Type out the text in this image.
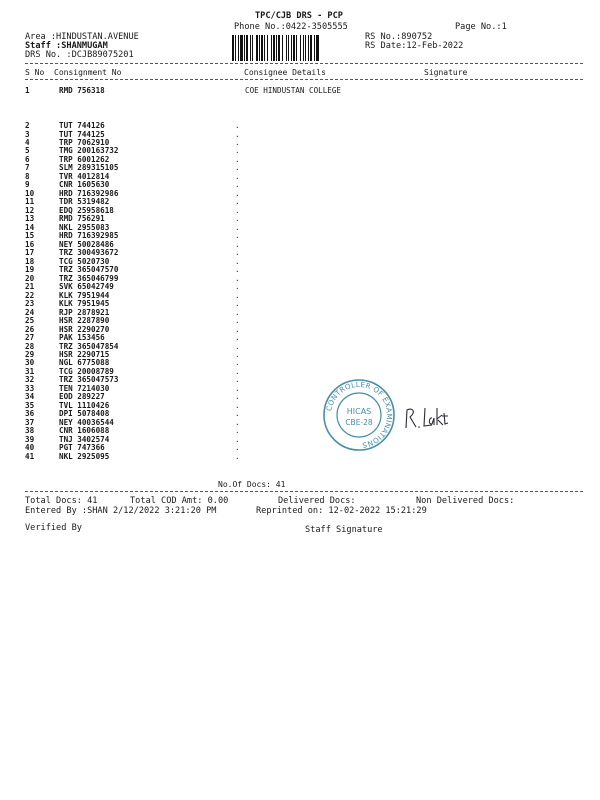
TPC/CJB DRS - PCP
Phone No.:0422-3505555	Page No.:1
Area :HINDUSTAN.AVENUE
Staff :SHANMUGAM
DRS No. :DCJB89075201
RS No.:890752
RS Date:12-Feb-2022
S No Consignment No	Consignee Details	Signature
1	RMD 756318	COE HINDUSTAN COLLEGE
2	TUT 744126	.
3	TUT 744125	.
4	TRP 7062910	.
5	TMG 200163732	.
6	TRP 6001262	.
7	SLM 289315105	.
8	TVR 4012814	.
9	CNR 1605630	.
10	HRD 716392986	.
11	TDR 5319482	.
12	EDQ 25958618	.
13	RMD 756291	.
14	NKL 2955083	.
15	HRD 716392985	.
16	NEY 50028486	.
17	TRZ 300493672	.
18	TCG 5020730	.
19	TRZ 365047570	.
20	TRZ 365046799	.
21	SVK 65042749	.
22	KLK 7951944	.
23	KLK 7951945	.
24	RJP 2878921	.
25	HSR 2287890	.
26	HSR 2290270	.
27	PAK 153456	.
28	TRZ 365047854	.
29	HSR 2290715	.
30	NGL 6775088	.
31	TCG 20008789	.
32	TRZ 365047573	.
33	TEN 7214030	.
34	EOD 289227	.
35	TVL 1110426	.
36	DPI 5078408	.
37	NEY 40036544	.
38	CNR 1606088	.
39	TNJ 3402574	.
40	PGT 747366	.
41	NKL 2925095	.
No.Of Docs: 41
Total Docs: 41	Total COD Amt: 0.00	Delivered Docs:	Non Delivered Docs:
Entered By :SHAN 2/12/2022 3:21:20 PM	Reprinted on: 12-02-2022 15:21:29
Verified By	Staff Signature
CONTROLLER OF EXAMINATIONS
HICAS
CBE-28
